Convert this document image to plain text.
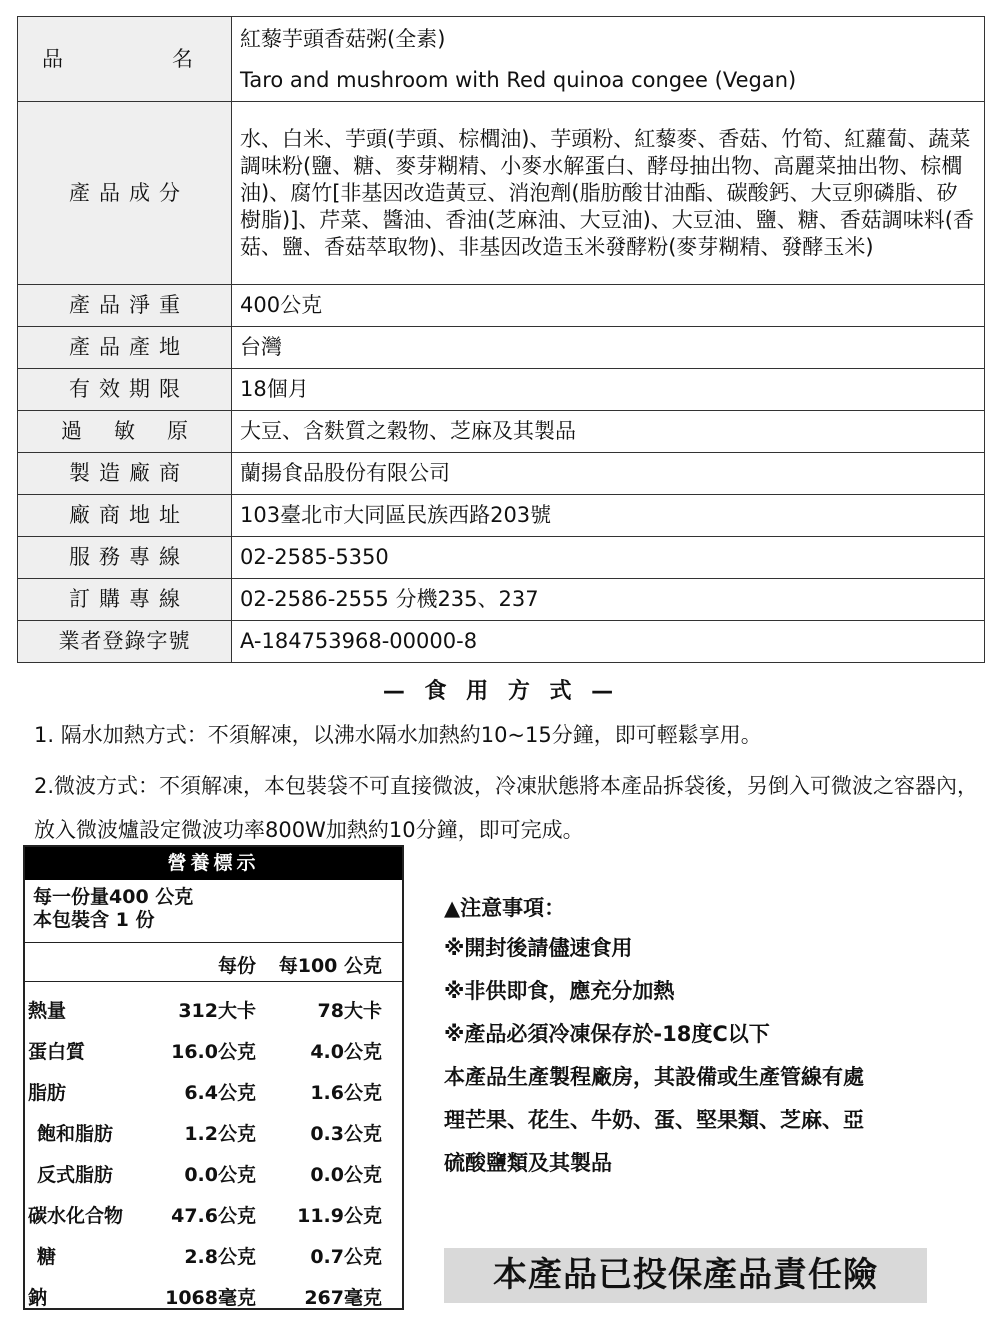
品 名	紅藜芋頭香菇粥(全素)
Taro and mushroom with Red quinoa congee (Vegan)

產品成分	水、白米、芋頭(芋頭、棕櫚油)、芋頭粉、紅藜麥、香菇、竹筍、紅蘿蔔、蔬菜調味粉(鹽、糖、麥芽糊精、小麥水解蛋白、酵母抽出物、高麗菜抽出物、棕櫚油)、腐竹[非基因改造黃豆、消泡劑(脂肪酸甘油酯、碳酸鈣、大豆卵磷脂、矽樹脂)]、芹菜、醬油、香油(芝麻油、大豆油)、大豆油、鹽、糖、香菇調味料(香菇、鹽、香菇萃取物)、非基因改造玉米發酵粉(麥芽糊精、發酵玉米)
產品淨重	400公克
產品產地	台灣
有效期限	18個月
過敏原	大豆、含麩質之穀物、芝麻及其製品
製造廠商	蘭揚食品股份有限公司
廠商地址	103臺北市大同區民族西路203號
服務專線	02-2585-5350
訂購專線	02-2586-2555 分機235、237
業者登錄字號	A-184753968-00000-8
— 食 用 方 式 —
1. 隔水加熱方式：不須解凍，以沸水隔水加熱約10~15分鐘，即可輕鬆享用。
2.微波方式：不須解凍，本包裝袋不可直接微波，冷凍狀態將本產品拆袋後，另倒入可微波之容器內，放入微波爐設定微波功率800W加熱約10分鐘，即可完成。
營養標示
每一份量400 公克
本包裝含 1 份
每份 每100 公克
熱量	312大卡	78大卡
蛋白質	16.0公克	4.0公克
脂肪	6.4公克	1.6公克
飽和脂肪	1.2公克	0.3公克
反式脂肪	0.0公克	0.0公克
碳水化合物	47.6公克 11.9公克
糖	2.8公克	0.7公克
鈉	1068毫克	267毫克
▲注意事項：
※開封後請儘速食用
※非供即食，應充分加熱
※產品必須冷凍保存於-18度C以下
本產品生產製程廠房，其設備或生產管線有處
理芒果、花生、牛奶、蛋、堅果類、芝麻、亞
硫酸鹽類及其製品
本產品已投保產品責任險
